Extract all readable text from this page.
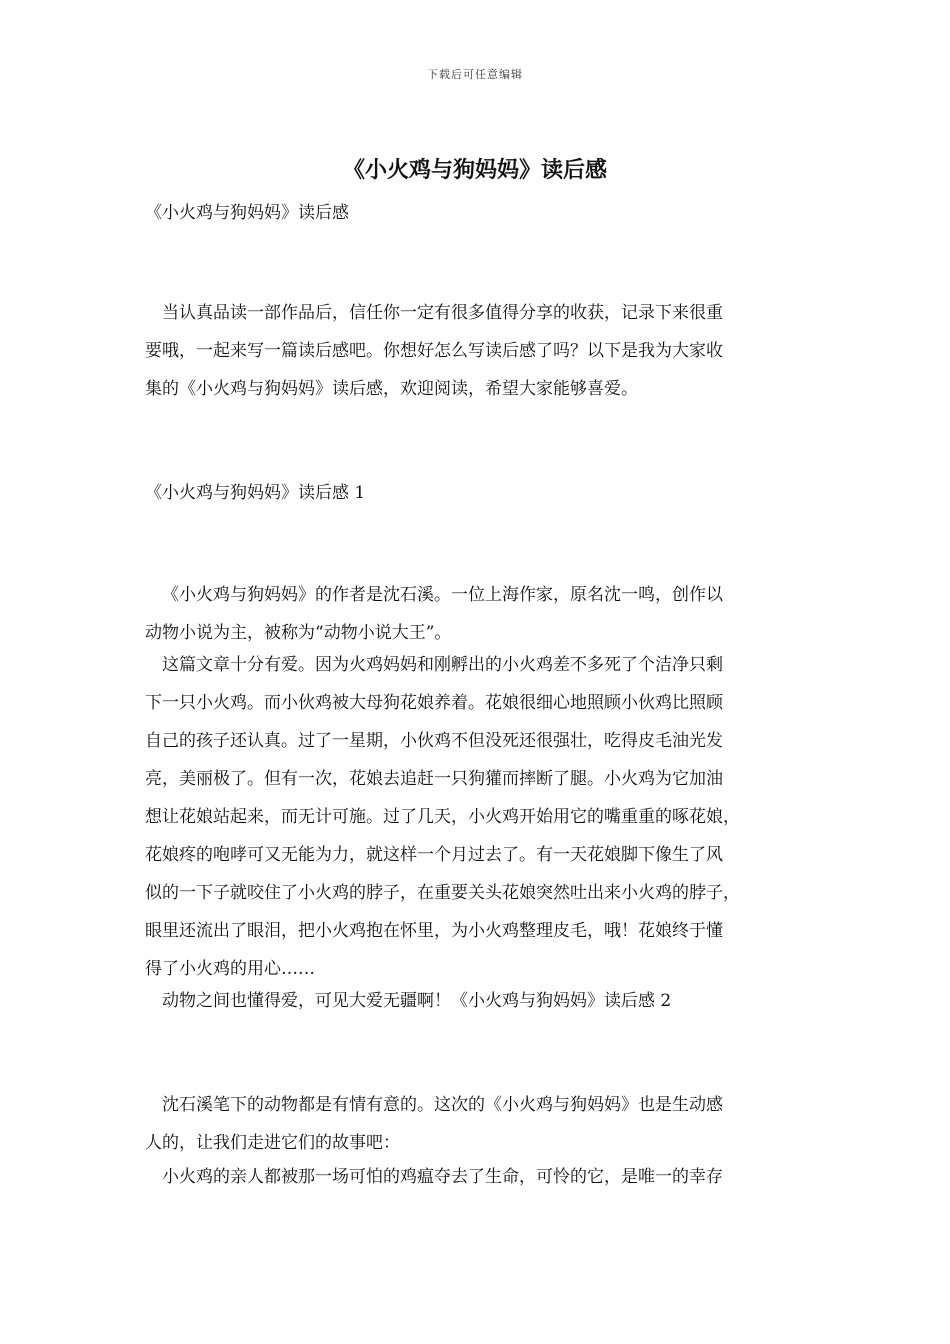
下载后可任意编辑
《小火鸡与狗妈妈》读后感
《小火鸡与狗妈妈》读后感
当认真品读一部作品后，信任你一定有很多值得分享的收获，记录下来很重
要哦，一起来写一篇读后感吧。你想好怎么写读后感了吗？以下是我为大家收
集的《小火鸡与狗妈妈》读后感，欢迎阅读，希望大家能够喜爱。
《小火鸡与狗妈妈》读后感 1
《小火鸡与狗妈妈》的作者是沈石溪。一位上海作家，原名沈一鸣，创作以
动物小说为主，被称为“动物小说大王”。
这篇文章十分有爱。因为火鸡妈妈和刚孵出的小火鸡差不多死了个洁净只剩
下一只小火鸡。而小伙鸡被大母狗花娘养着。花娘很细心地照顾小伙鸡比照顾
自己的孩子还认真。过了一星期，小伙鸡不但没死还很强壮，吃得皮毛油光发
亮，美丽极了。但有一次，花娘去追赶一只狗獾而摔断了腿。小火鸡为它加油
想让花娘站起来，而无计可施。过了几天，小火鸡开始用它的嘴重重的啄花娘，
花娘疼的咆哮可又无能为力，就这样一个月过去了。有一天花娘脚下像生了风
似的一下子就咬住了小火鸡的脖子，在重要关头花娘突然吐出来小火鸡的脖子，
眼里还流出了眼泪，把小火鸡抱在怀里，为小火鸡整理皮毛，哦！花娘终于懂
得了小火鸡的用心……
动物之间也懂得爱，可见大爱无疆啊！《小火鸡与狗妈妈》读后感 2
沈石溪笔下的动物都是有情有意的。这次的《小火鸡与狗妈妈》也是生动感
人的，让我们走进它们的故事吧：
小火鸡的亲人都被那一场可怕的鸡瘟夺去了生命，可怜的它，是唯一的幸存
